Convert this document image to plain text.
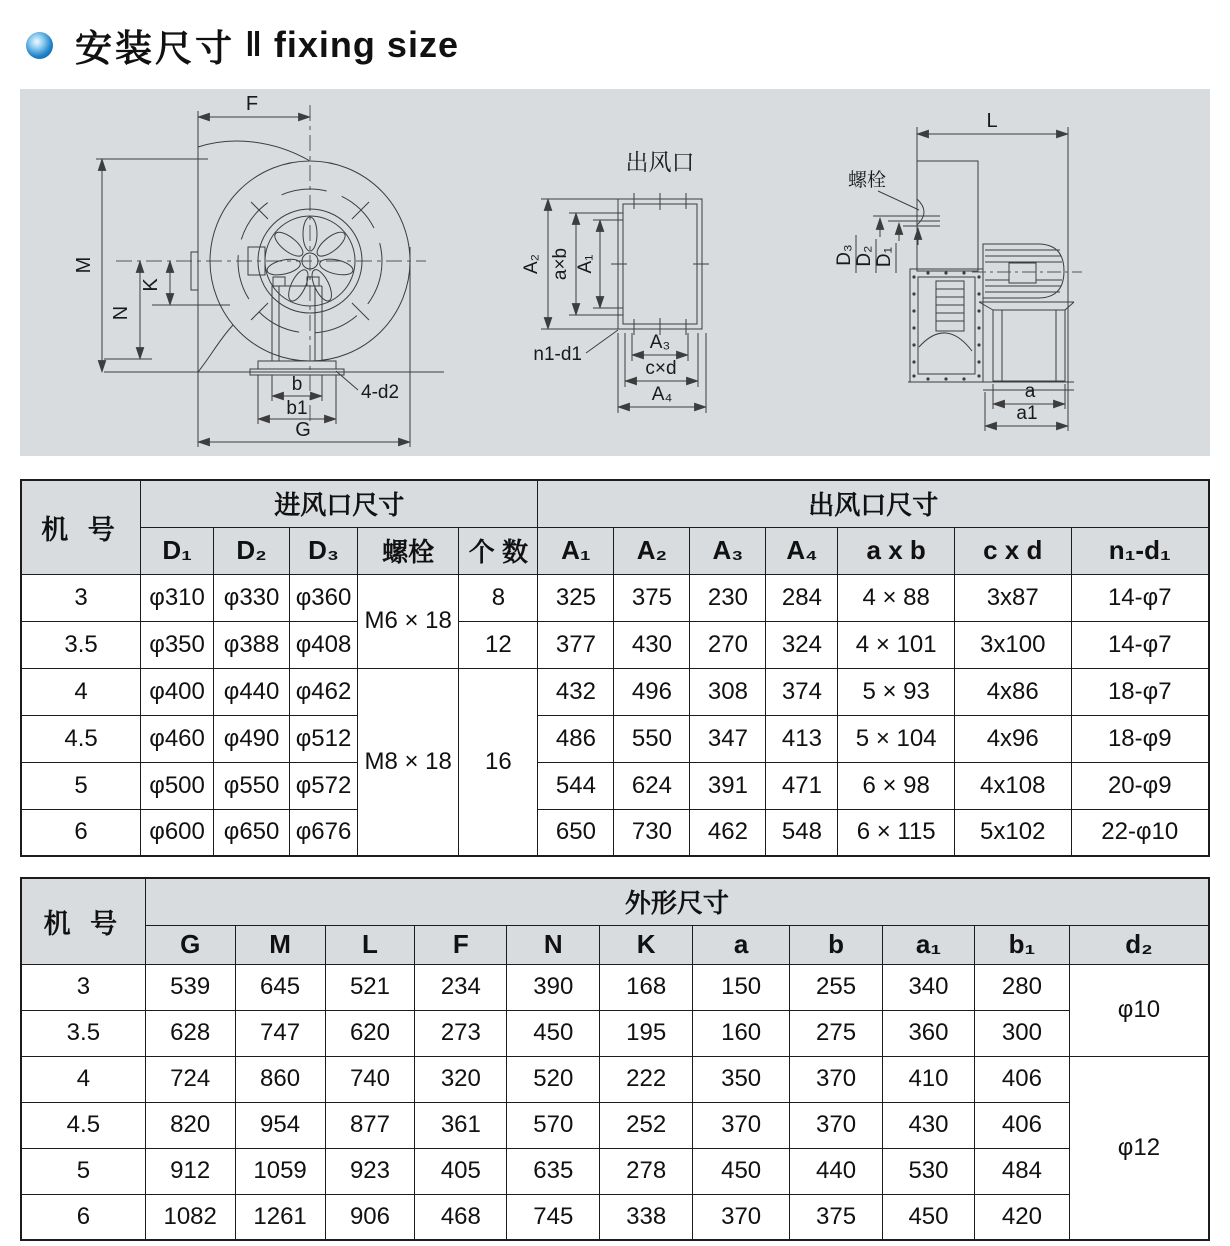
安装尺寸 ‖ fixing size
F
M
N
K
b
b1
G
4-d2
出风口
A₂ a×b A₁
A₃
c×d
A₄
n1-d1
L
螺栓
D₃ D₂ D₁
a
a1
机 号	进风口尺寸					出风口尺寸						
	D₁	D₂	D₃	螺栓	个 数	A₁	A₂	A₃	A₄	a x b	c x d	n₁-d₁
3	φ310	φ330	φ360	M6 × 18	8	325	375	230	284	4 × 88	3x87	14-φ7
3.5	φ350	φ388	φ408		12	377	430	270	324	4 × 101	3x100	14-φ7
4	φ400	φ440	φ462	M8 × 18	16	432	496	308	374	5 × 93	4x86	18-φ7
4.5	φ460	φ490	φ512			486	550	347	413	5 × 104	4x96	18-φ9
5	φ500	φ550	φ572			544	624	391	471	6 × 98	4x108	20-φ9
6	φ600	φ650	φ676			650	730	462	548	6 × 115	5x102	22-φ10
机 号	外形尺寸										
	G	M	L	F	N	K	a	b	a₁	b₁	d₂
3	539	645	521	234	390	168	150	255	340	280	φ10
3.5	628	747	620	273	450	195	160	275	360	300	
4	724	860	740	320	520	222	350	370	410	406	φ12
4.5	820	954	877	361	570	252	370	370	430	406	
5	912	1059	923	405	635	278	450	440	530	484	
6	1082	1261	906	468	745	338	370	375	450	420	
